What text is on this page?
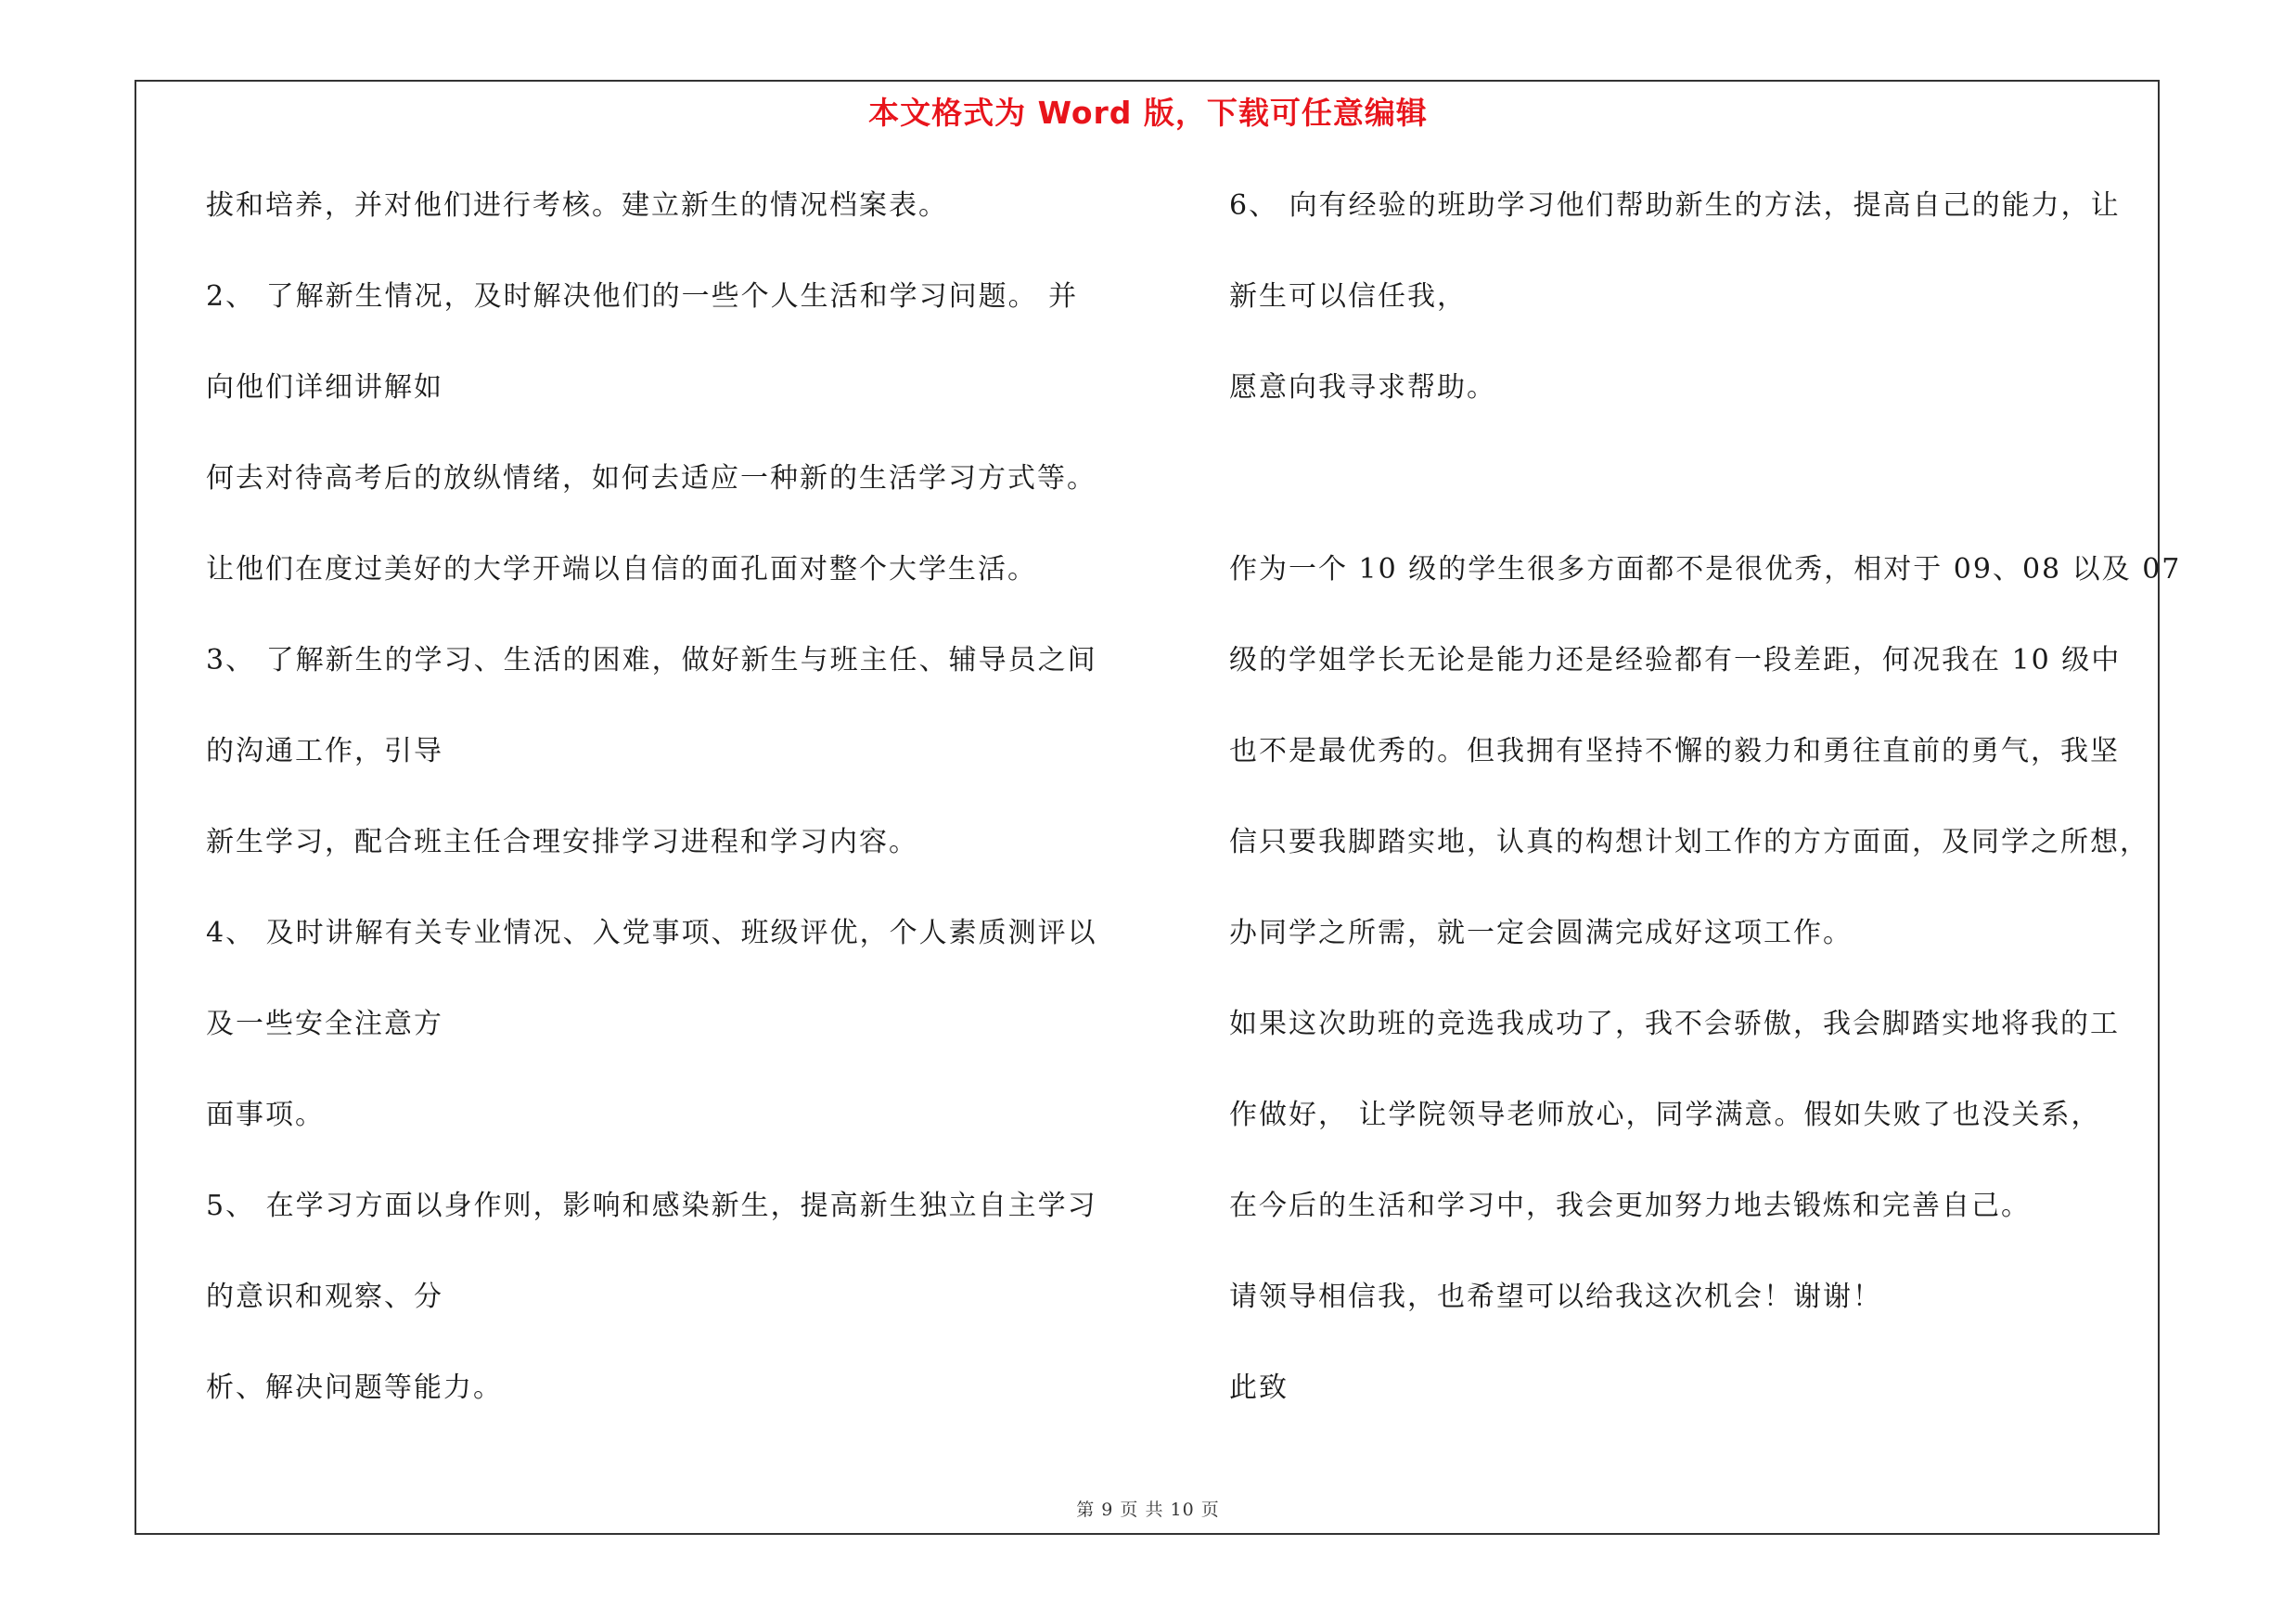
本文格式为 Word 版，下载可任意编辑
拔和培养，并对他们进行考核。建立新生的情况档案表。
2、 了解新生情况，及时解决他们的一些个人生活和学习问题。 并
向他们详细讲解如
何去对待高考后的放纵情绪，如何去适应一种新的生活学习方式等。
让他们在度过美好的大学开端以自信的面孔面对整个大学生活。
3、 了解新生的学习、生活的困难，做好新生与班主任、辅导员之间
的沟通工作，引导
新生学习，配合班主任合理安排学习进程和学习内容。
4、 及时讲解有关专业情况、入党事项、班级评优，个人素质测评以
及一些安全注意方
面事项。
5、 在学习方面以身作则，影响和感染新生，提高新生独立自主学习
的意识和观察、分
析、解决问题等能力。
6、 向有经验的班助学习他们帮助新生的方法，提高自己的能力，让
新生可以信任我，
愿意向我寻求帮助。
作为一个 10 级的学生很多方面都不是很优秀，相对于 09、08 以及 07
级的学姐学长无论是能力还是经验都有一段差距，何况我在 10 级中
也不是最优秀的。但我拥有坚持不懈的毅力和勇往直前的勇气，我坚
信只要我脚踏实地，认真的构想计划工作的方方面面，及同学之所想，
办同学之所需，就一定会圆满完成好这项工作。
如果这次助班的竞选我成功了，我不会骄傲，我会脚踏实地将我的工
作做好， 让学院领导老师放心，同学满意。假如失败了也没关系，
在今后的生活和学习中，我会更加努力地去锻炼和完善自己。
请领导相信我，也希望可以给我这次机会！谢谢！
此致
第 9 页 共 10 页
